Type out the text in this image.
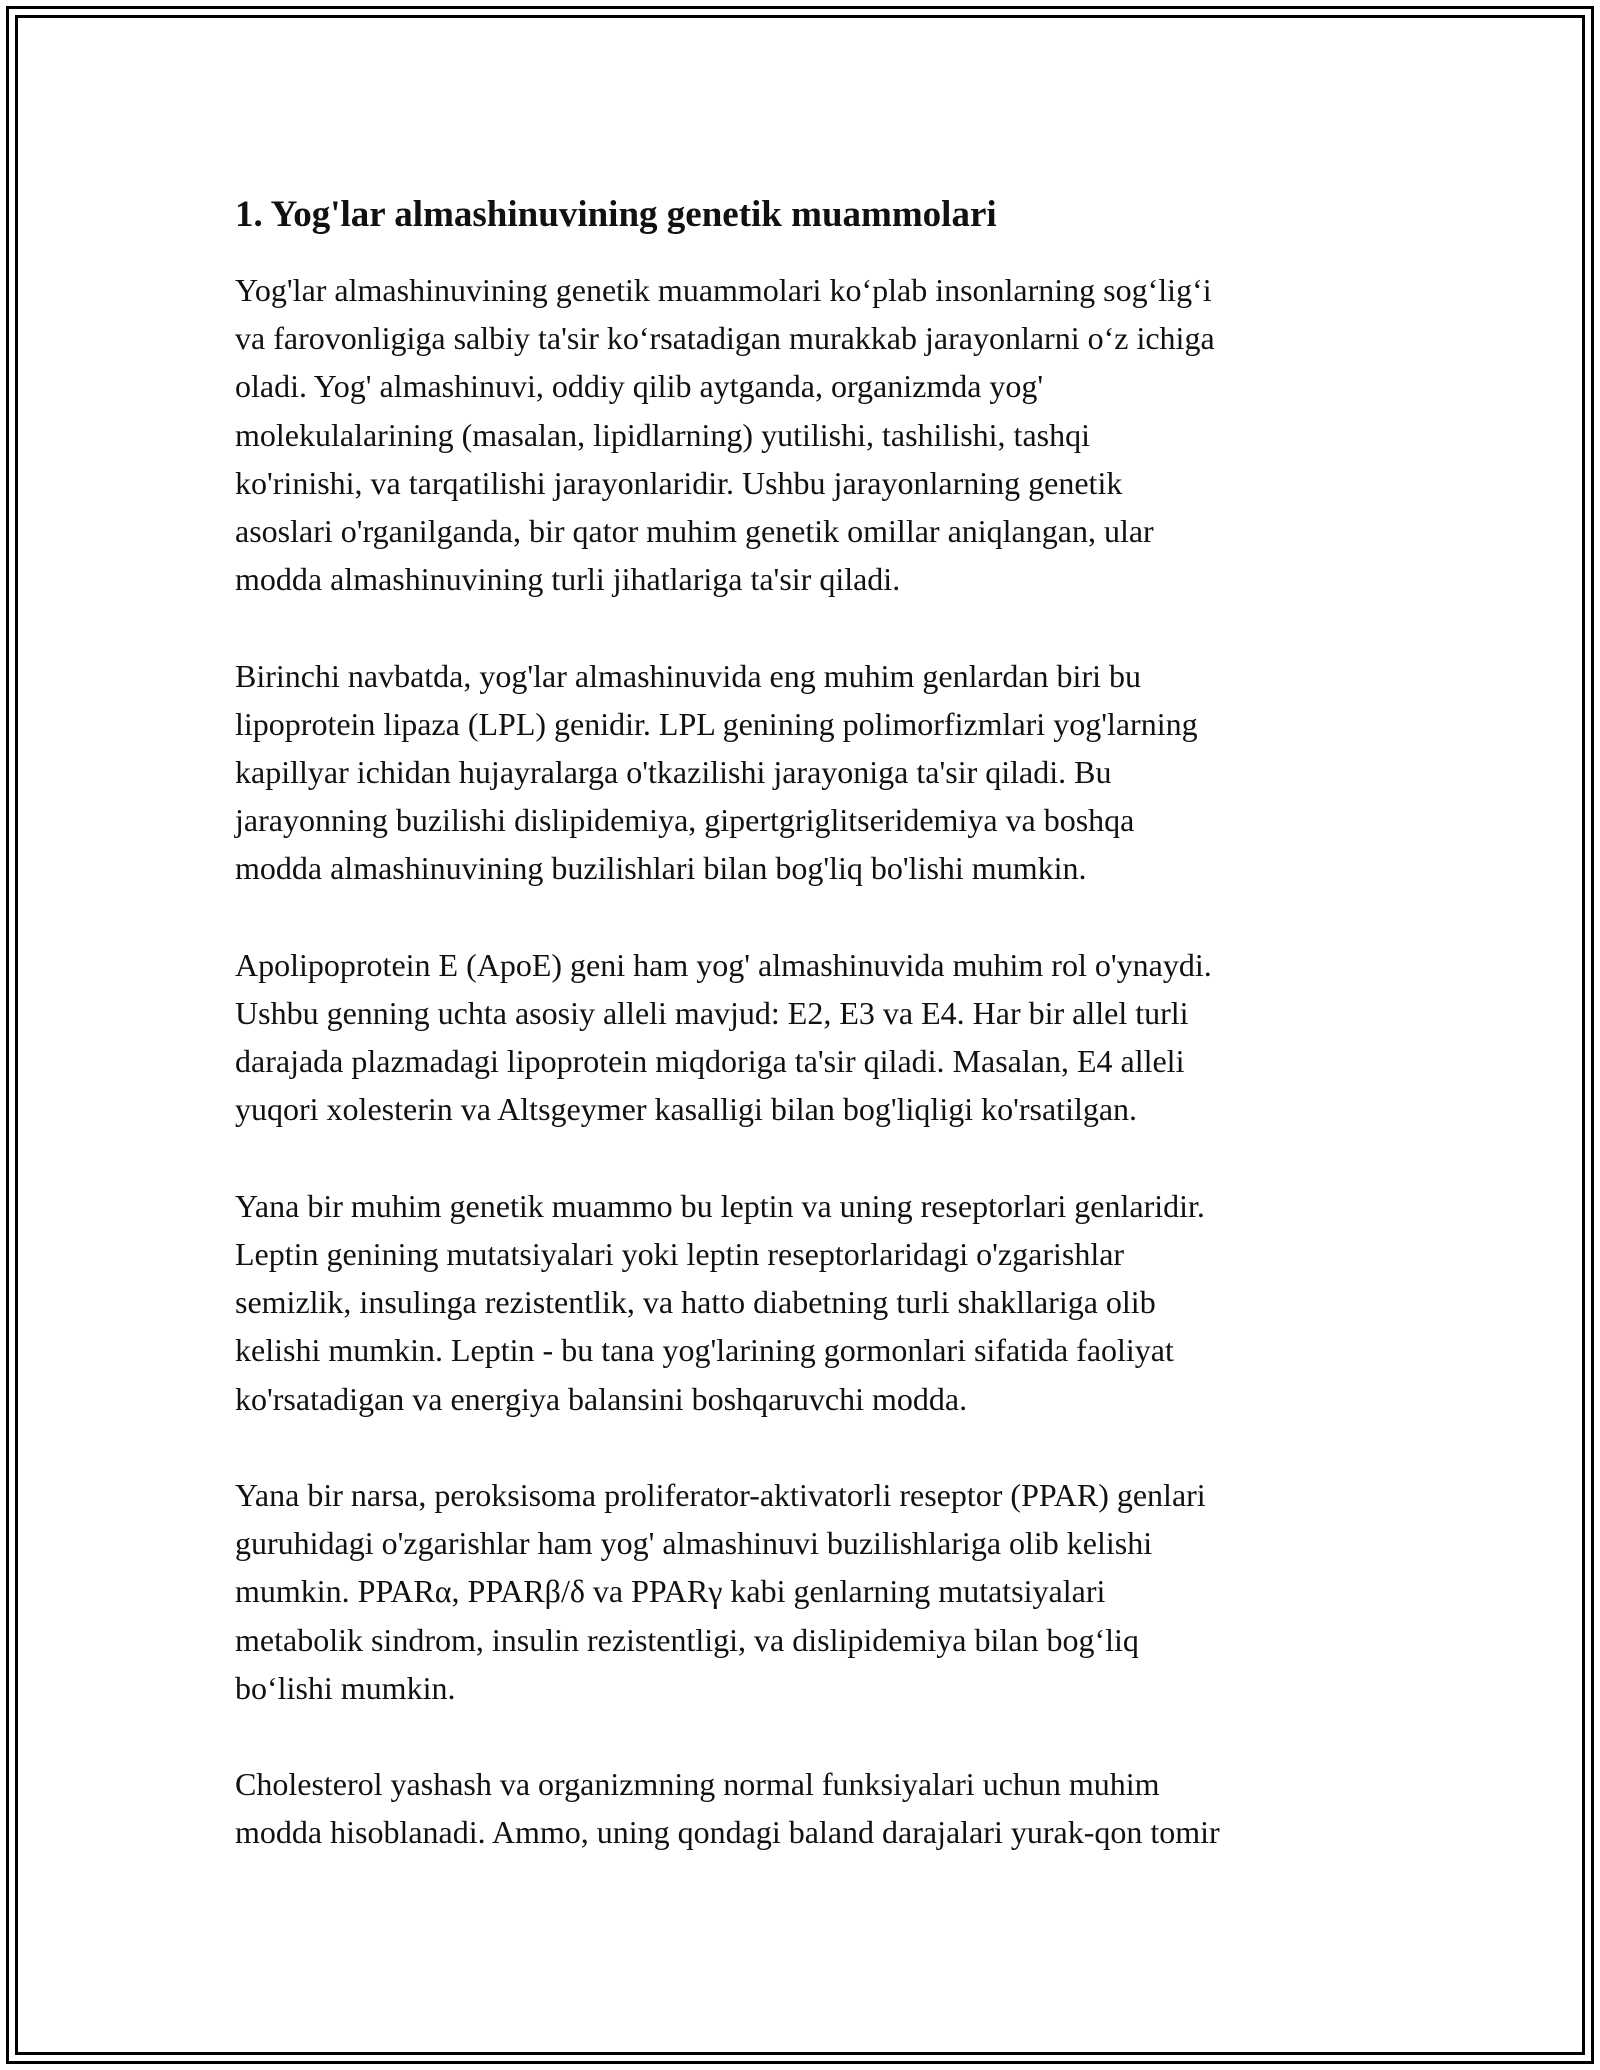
1. Yog'lar almashinuvining genetik muammolari

Yog'lar almashinuvining genetik muammolari ko‘plab insonlarning sog‘lig‘i
va farovonligiga salbiy ta'sir ko‘rsatadigan murakkab jarayonlarni o‘z ichiga
oladi. Yog' almashinuvi, oddiy qilib aytganda, organizmda yog'
molekulalarining (masalan, lipidlarning) yutilishi, tashilishi, tashqi
ko'rinishi, va tarqatilishi jarayonlaridir. Ushbu jarayonlarning genetik
asoslari o'rganilganda, bir qator muhim genetik omillar aniqlangan, ular
modda almashinuvining turli jihatlariga ta'sir qiladi.

Birinchi navbatda, yog'lar almashinuvida eng muhim genlardan biri bu
lipoprotein lipaza (LPL) genidir. LPL genining polimorfizmlari yog'larning
kapillyar ichidan hujayralarga o'tkazilishi jarayoniga ta'sir qiladi. Bu
jarayonning buzilishi dislipidemiya, gipertgriglitseridemiya va boshqa
modda almashinuvining buzilishlari bilan bog'liq bo'lishi mumkin.

Apolipoprotein E (ApoE) geni ham yog' almashinuvida muhim rol o'ynaydi.
Ushbu genning uchta asosiy alleli mavjud: E2, E3 va E4. Har bir allel turli
darajada plazmadagi lipoprotein miqdoriga ta'sir qiladi. Masalan, E4 alleli
yuqori xolesterin va Altsgeymer kasalligi bilan bog'liqligi ko'rsatilgan.

Yana bir muhim genetik muammo bu leptin va uning reseptorlari genlaridir.
Leptin genining mutatsiyalari yoki leptin reseptorlaridagi o'zgarishlar
semizlik, insulinga rezistentlik, va hatto diabetning turli shakllariga olib
kelishi mumkin. Leptin - bu tana yog'larining gormonlari sifatida faoliyat
ko'rsatadigan va energiya balansini boshqaruvchi modda.

Yana bir narsa, peroksisoma proliferator-aktivatorli reseptor (PPAR) genlari
guruhidagi o'zgarishlar ham yog' almashinuvi buzilishlariga olib kelishi
mumkin. PPARα, PPARβ/δ va PPARγ kabi genlarning mutatsiyalari
metabolik sindrom, insulin rezistentligi, va dislipidemiya bilan bog‘liq
bo‘lishi mumkin.

Cholesterol yashash va organizmning normal funksiyalari uchun muhim
modda hisoblanadi. Ammo, uning qondagi baland darajalari yurak-qon tomir
